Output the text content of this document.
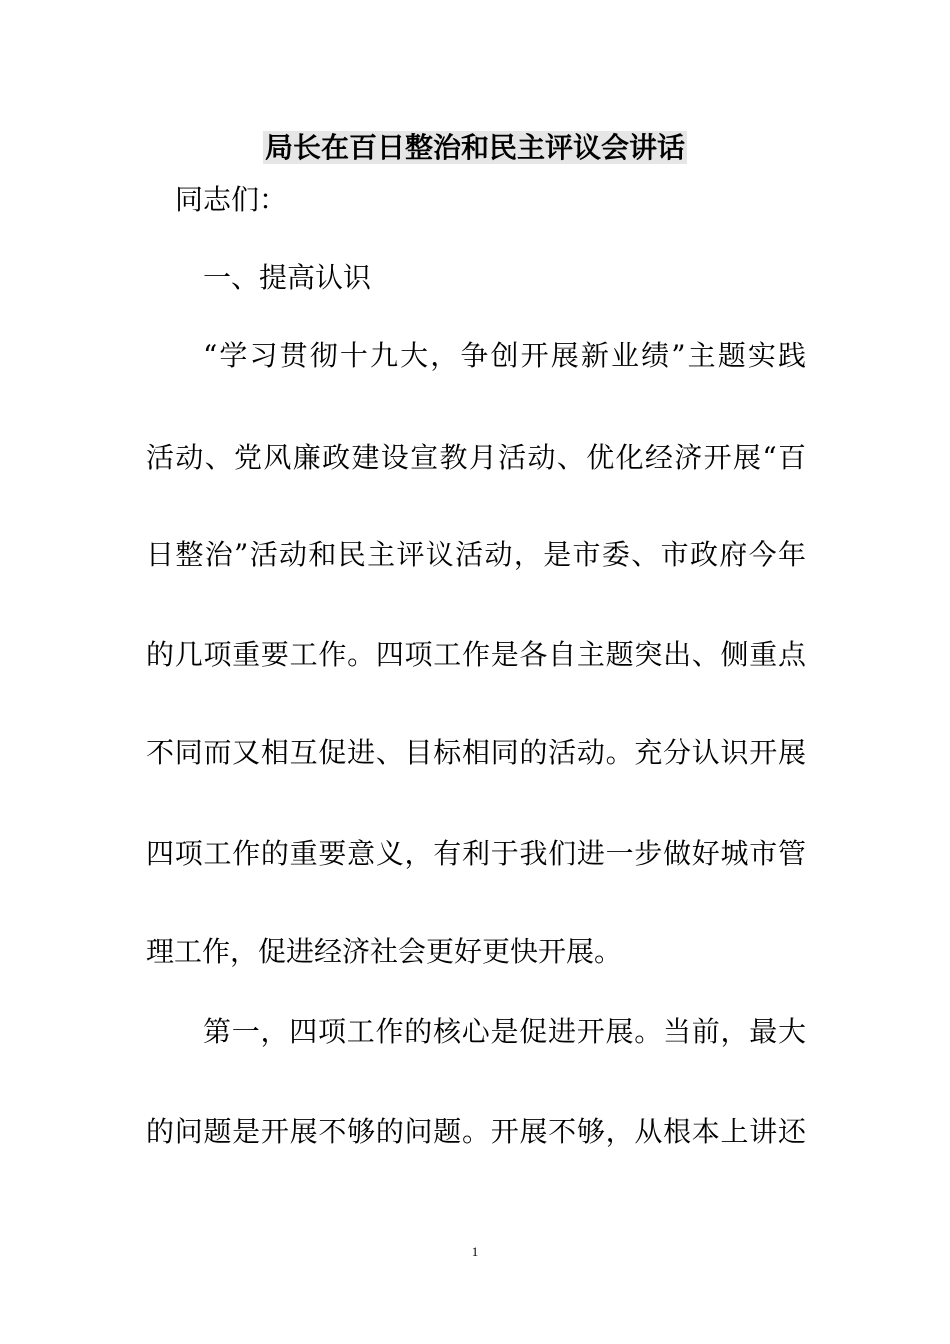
局长在百日整治和民主评议会讲话
同志们：
一、提高认识
“学习贯彻十九大，争创开展新业绩”主题实践
活动、党风廉政建设宣教月活动、优化经济开展“百
日整治”活动和民主评议活动，是市委、市政府今年
的几项重要工作。四项工作是各自主题突出、侧重点
不同而又相互促进、目标相同的活动。充分认识开展
四项工作的重要意义，有利于我们进一步做好城市管
理工作，促进经济社会更好更快开展。
第一，四项工作的核心是促进开展。当前，最大
的问题是开展不够的问题。开展不够，从根本上讲还
1
